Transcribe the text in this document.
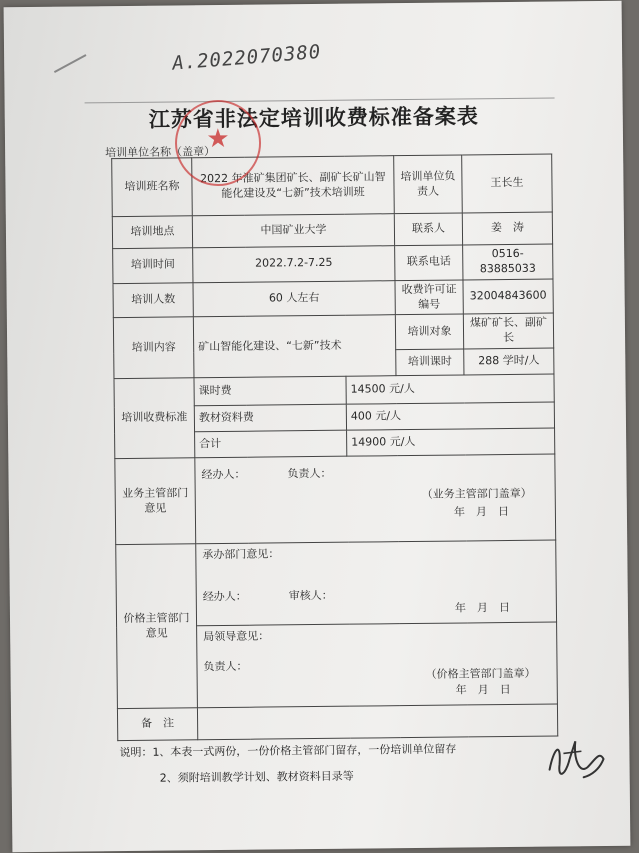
A.2022070380
江苏省非法定培训收费标准备案表
培训单位名称（盖章）
培训班名称	2022 年淮矿集团矿长、副矿长矿山智能化建设及“七新”技术培训班		培训单位负责人	王长生
培训地点	中国矿业大学		联系人	姜　涛
培训时间	2022.7.2-7.25		联系电话	0516-83885033
培训人数	60 人左右		收费许可证编号	32004843600
培训内容	矿山智能化建设、“七新”技术		培训对象	煤矿矿长、副矿长
			培训课时	288 学时/人
培训收费标准	课时费	14500 元/人		
	教材资料费	400 元/人		
	合计	14900 元/人		
业务主管部门意见	经办人： 负责人：
（业务主管部门盖章）
年　月　日			

价格主管部门意见	承办部门意见：
经办人： 审核人：
年　月　日			

	局领导意见：
负责人：
（价格主管部门盖章）
年　月　日			

备　注				
★
说明：1、本表一式两份，一份价格主管部门留存，一份培训单位留存
2、须附培训教学计划、教材资料目录等
